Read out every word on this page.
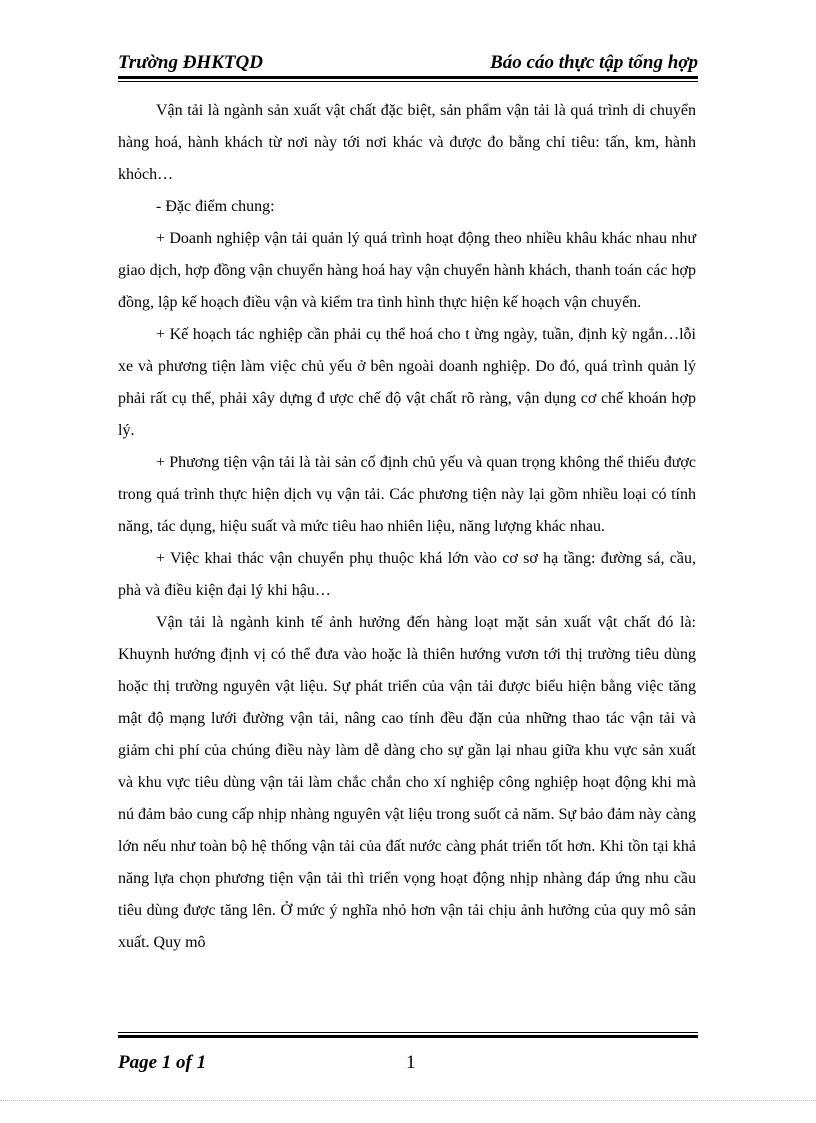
Trường ĐHKTQD	Báo cáo thực tập tổng hợp

Vận tải là ngành sản xuất vật chất đặc biệt, sản phẩm vận tải là quá trình di chuyển hàng hoá, hành khách từ nơi này tới nơi khác và được đo bằng chỉ tiêu: tấn, km, hành khỏch…

- Đặc điểm chung:

+ Doanh nghiệp vận tải quản lý quá trình hoạt động theo nhiều khâu khác nhau như giao dịch, hợp đồng vận chuyển hàng hoá hay vận chuyển hành khách, thanh toán các hợp đồng, lập kế hoạch điều vận và kiểm tra tình hình thực hiện kế hoạch vận chuyển.

+ Kế hoạch tác nghiệp cần phải cụ thể hoá cho t ừng ngày, tuần, định kỳ ngắn…lỗi xe và phương tiện làm việc chủ yếu ở bên ngoài doanh nghiệp. Do đó, quá trình quản lý phải rất cụ thể, phải xây dựng đ ược chế độ vật chất rõ ràng, vận dụng cơ chế khoán hợp lý.

+ Phương tiện vận tải là tài sản cố định chủ yếu và quan trọng không thể thiếu được trong quá trình thực hiện dịch vụ vận tải. Các phương tiện này lại gồm nhiều loại có tính năng, tác dụng, hiệu suất và mức tiêu hao nhiên liệu, năng lượng khác nhau.

+ Việc khai thác vận chuyển phụ thuộc khá lớn vào cơ sơ hạ tầng: đường sá, cầu, phà và điều kiện đại lý khi hậu…

Vận tải là ngành kinh tế ảnh hưởng đến hàng loạt mặt sản xuất vật chất đó là: Khuynh hướng định vị có thể đưa vào hoặc là thiên hướng vươn tới thị trường tiêu dùng hoặc thị trường nguyên vật liệu. Sự phát triển của vận tải được biểu hiện bằng việc tăng mật độ mạng lưới đường vận tải, nâng cao tính đều đặn của những thao tác vận tải và giảm chi phí của chúng điều này làm dễ dàng cho sự gần lại nhau giữa khu vực sản xuất và khu vực tiêu dùng vận tải làm chắc chắn cho xí nghiệp công nghiệp hoạt động khi mà nú đảm bảo cung cấp nhịp nhàng nguyên vật liệu trong suốt cả năm. Sự bảo đảm này càng lớn nếu như toàn bộ hệ thống vận tải của đất nước càng phát triển tốt hơn. Khi tồn tại khả năng lựa chọn phương tiện vận tải thì triển vọng hoạt động nhịp nhàng đáp ứng nhu cầu tiêu dùng được tăng lên. Ở mức ý nghĩa nhỏ hơn vận tải chịu ảnh hưởng của quy mô sản xuất. Quy mô

Page 1 of 1	1
